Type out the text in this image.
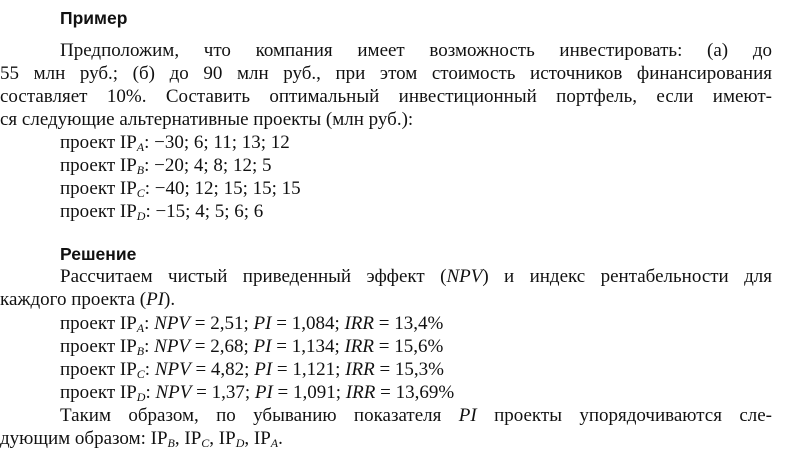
Пример
Предположим, что компания имеет возможность инвестировать: (а) до
55 млн руб.; (б) до 90 млн руб., при этом стоимость источников финансирования
составляет 10%. Составить оптимальный инвестиционный портфель, если имеют-
ся следующие альтернативные проекты (млн руб.):
проект $IP_A$: −30; 6; 11; 13; 12
проект $IP_B$: −20; 4; 8; 12; 5
проект $IP_C$: −40; 12; 15; 15; 15
проект $IP_D$: −15; 4; 5; 6; 6
Решение
Рассчитаем чистый приведенный эффект (NPV) и индекс рентабельности для
каждого проекта (PI).
проект $IP_A$: NPV = 2,51; PI = 1,084; IRR = 13,4%
проект $IP_B$: NPV = 2,68; PI = 1,134; IRR = 15,6%
проект $IP_C$: NPV = 4,82; PI = 1,121; IRR = 15,3%
проект $IP_D$: NPV = 1,37; PI = 1,091; IRR = 13,69%
Таким образом, по убыванию показателя PI проекты упорядочиваются сле-
дующим образом: $IP_B$, $IP_C$, $IP_D$, $IP_A$.
